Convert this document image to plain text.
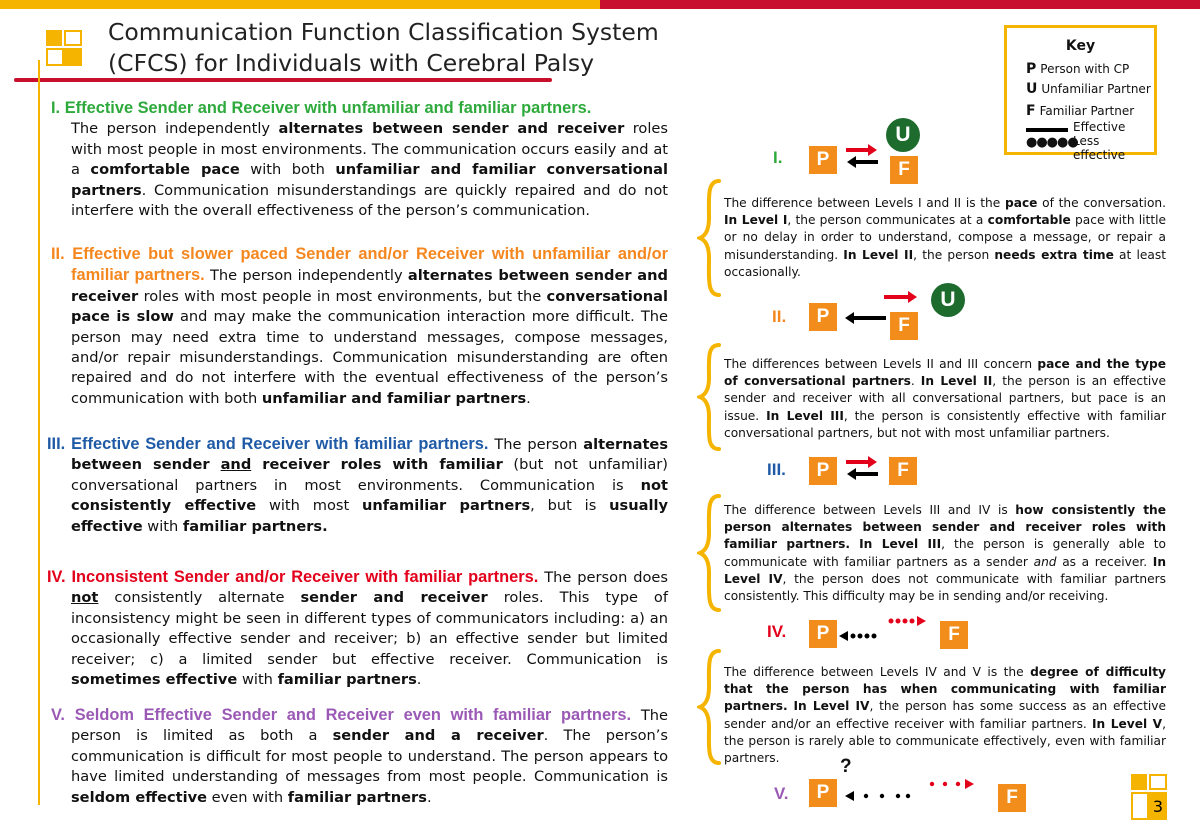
Communication Function Classification System
(CFCS) for Individuals with Cerebral Palsy
I. Effective Sender and Receiver with unfamiliar and familiar partners.
The person independently alternates between sender and receiver roles with most people in most environments. The communication occurs easily and at a comfortable pace with both unfamiliar and familiar conversational partners. Communication misunderstandings are quickly repaired and do not interfere with the overall effectiveness of the person’s communication.
II. Effective but slower paced Sender and/or Receiver with unfamiliar and/or familiar partners. The person independently alternates between sender and receiver roles with most people in most environments, but the conversational pace is slow and may make the communication interaction more difficult. The person may need extra time to understand messages, compose messages, and/or repair misunderstandings. Communication misunderstanding are often repaired and do not interfere with the eventual effectiveness of the person’s communication with both unfamiliar and familiar partners.
III. Effective Sender and Receiver with familiar partners. The person alternates between sender and receiver roles with familiar (but not unfamiliar) conversational partners in most environments. Communication is not consistently effective with most unfamiliar partners, but is usually effective with familiar partners.
IV. Inconsistent Sender and/or Receiver with familiar partners. The person does not consistently alternate sender and receiver roles. This type of inconsistency might be seen in different types of communicators including: a) an occasionally effective sender and receiver; b) an effective sender but limited receiver; c) a limited sender but effective receiver. Communication is sometimes effective with familiar partners.
V. Seldom Effective Sender and Receiver even with familiar partners. The person is limited as both a sender and a receiver. The person’s communication is difficult for most people to understand. The person appears to have limited understanding of messages from most people. Communication is seldom effective even with familiar partners.
Key
P Person with CP
U Unfamiliar Partner
F Familiar Partner
Effective
●●●●●
Less effective
I.	P
U
F
The difference between Levels I and II is the pace of the conversation. In Level I, the person communicates at a comfortable pace with little or no delay in order to understand, compose a message, or repair a misunderstanding. In Level II, the person needs extra time at least occasionally.
II.	P
U
F
The differences between Levels II and III concern pace and the type of conversational partners. In Level II, the person is an effective sender and receiver with all conversational partners, but pace is an issue. In Level III, the person is consistently effective with familiar conversational partners, but not with most unfamiliar partners.
III.	P	F
The difference between Levels III and IV is how consistently the person alternates between sender and receiver roles with familiar partners. In Level III, the person is generally able to communicate with familiar partners as a sender and as a receiver. In Level IV, the person does not communicate with familiar partners consistently. This difficulty may be in sending and/or receiving.
IV.	P	F
The difference between Levels IV and V is the degree of difficulty that the person has when communicating with familiar partners. In Level IV, the person has some success as an effective sender and/or an effective receiver with familiar partners. In Level V, the person is rarely able to communicate effectively, even with familiar partners.
V.
?
P	F	3
